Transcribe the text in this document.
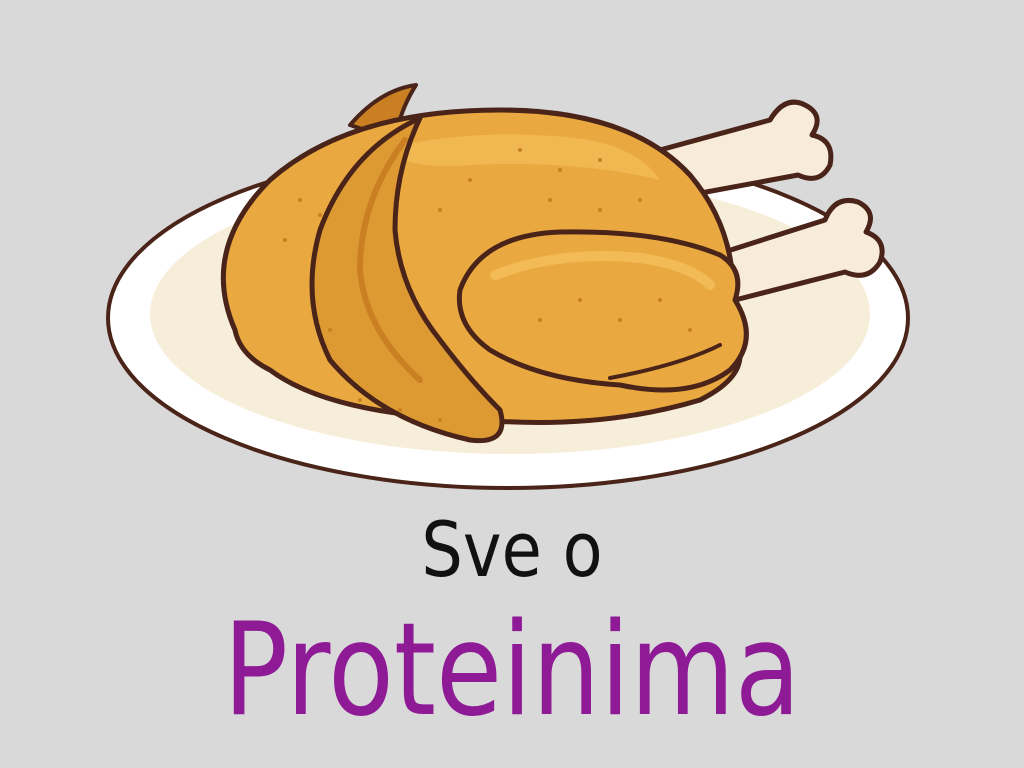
Sve o
Proteinima
